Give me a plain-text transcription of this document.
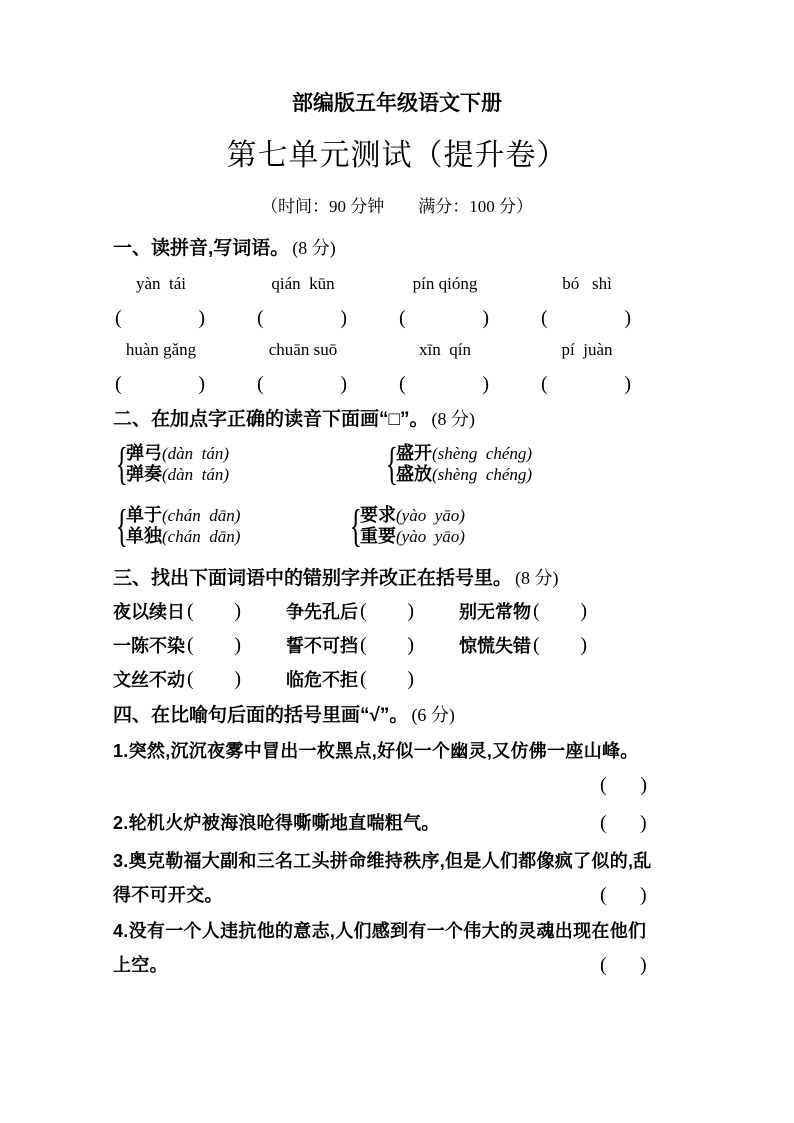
部编版五年级语文下册
第七单元测试（提升卷）
（时间：90 分钟　　满分：100 分）
一、读拼音,写词语。 (8 分)
yàn  tái	qián  kūn	pín qióng	bó   shì
(	)	(	)	(	)	(	)
huàn gǎng	chuān suō	xīn  qín	pí  juàn
(	)	(	)	(	)	(	)
二、在加点字正确的读音下面画“□”。 (8 分)
{
弹弓(dàn  tán)
弹奏(dàn  tán)	{
盛开(shèng  chéng)
盛放(shèng  chéng)
{
单于(chán  dān)
单独(chán  dān) {
要求(yào  yāo)
重要(yào  yāo)
三、找出下面词语中的错别字并改正在括号里。 (8 分)
夜以续日 ( )	争先孔后 ( )	别无常物 ( )
一陈不染 ( )	誓不可挡 ( )	惊慌失错 ( )
文丝不动 ( )	临危不拒 ( )
四、在比喻句后面的括号里画“√”。 (6 分)
1.突然,沉沉夜雾中冒出一枚黑点,好似一个幽灵,又仿佛一座山峰。
( )
2.轮机火炉被海浪呛得嘶嘶地直喘粗气。	( )
3.奥克勒福大副和三名工头拼命维持秩序,但是人们都像疯了似的,乱
得不可开交。	( )
4.没有一个人违抗他的意志,人们感到有一个伟大的灵魂出现在他们
上空。	( )
